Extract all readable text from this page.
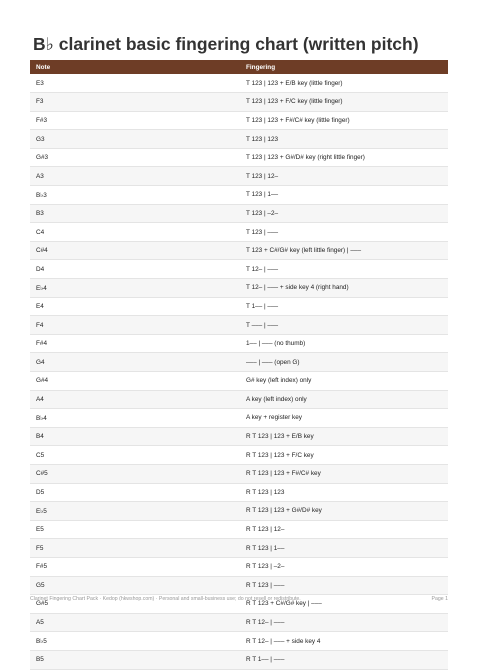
B♭ clarinet basic fingering chart (written pitch)
Note	Fingering
E3	T 123 | 123 + E/B key (little finger)
F3	T 123 | 123 + F/C key (little finger)
F#3	T 123 | 123 + F#/C# key (little finger)
G3	T 123 | 123
G#3	T 123 | 123 + G#/D# key (right little finger)
A3	T 123 | 12–
B♭3	T 123 | 1––
B3	T 123 | –2–
C4	T 123 | –––
C#4	T 123 + C#/G# key (left little finger) | –––
D4	T 12– | –––
E♭4	T 12– | ––– + side key 4 (right hand)
E4	T 1–– | –––
F4	T ––– | –––
F#4	1–– | ––– (no thumb)
G4	––– | ––– (open G)
G#4	G# key (left index) only
A4	A key (left index) only
B♭4	A key + register key
B4	R T 123 | 123 + E/B key
C5	R T 123 | 123 + F/C key
C#5	R T 123 | 123 + F#/C# key
D5	R T 123 | 123
E♭5	R T 123 | 123 + G#/D# key
E5	R T 123 | 12–
F5	R T 123 | 1––
F#5	R T 123 | –2–
G5	R T 123 | –––
G#5	R T 123 + C#/G# key | –––
A5	R T 12– | –––
B♭5	R T 12– | ––– + side key 4
B5	R T 1–– | –––
Clarinet Fingering Chart Pack · Kedop (hkwshop.com) · Personal and small-business use; do not resell or redistribute.	Page 1
